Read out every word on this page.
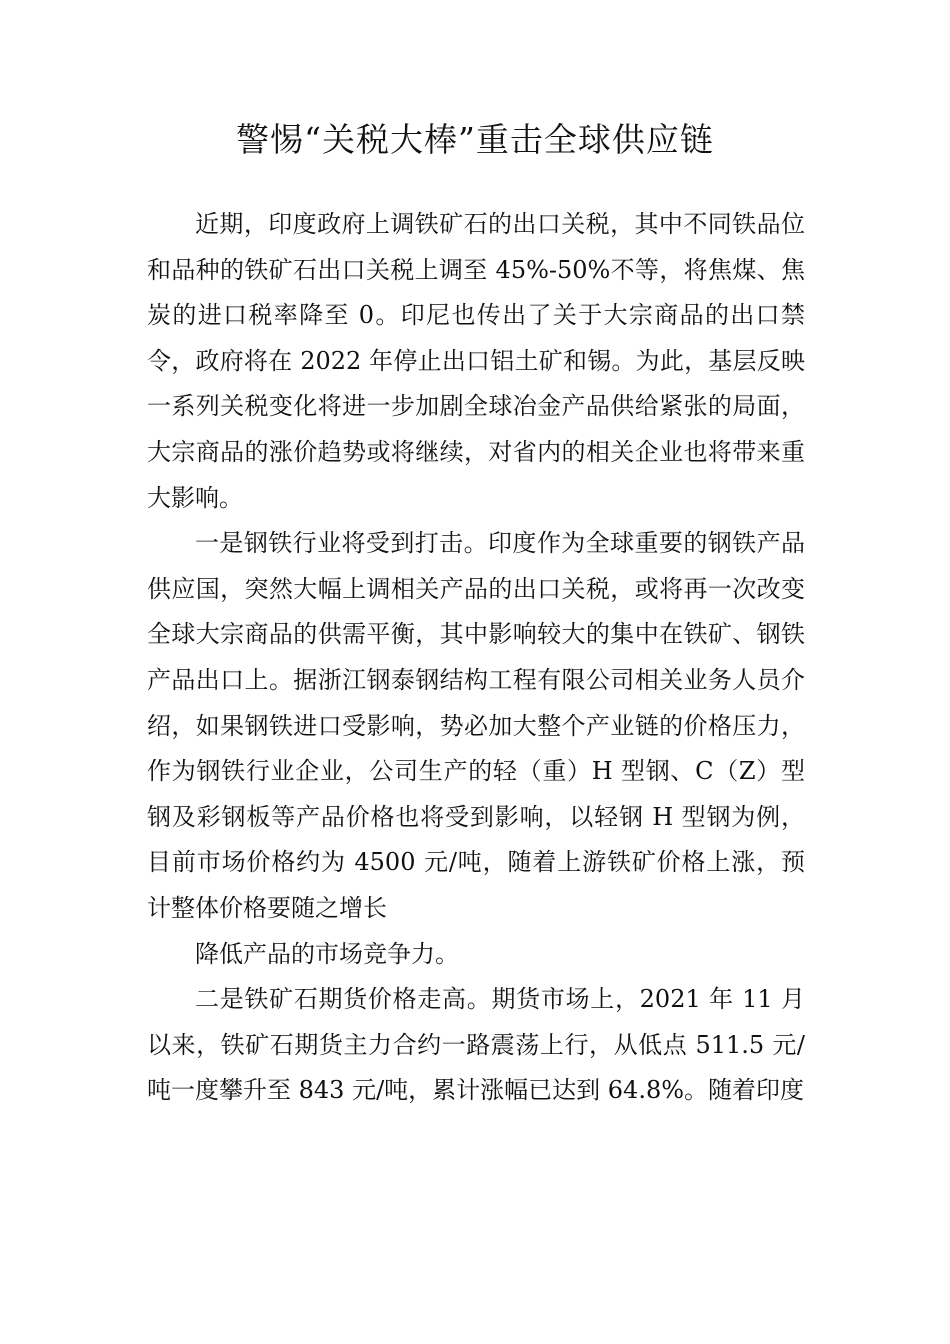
警惕“关税大棒”重击全球供应链

近期，印度政府上调铁矿石的出口关税，其中不同铁品位和品种的铁矿石出口关税上调至 45%-50%不等，将焦煤、焦炭的进口税率降至 0。印尼也传出了关于大宗商品的出口禁令，政府将在 2022 年停止出口铝土矿和锡。为此，基层反映一系列关税变化将进一步加剧全球冶金产品供给紧张的局面，大宗商品的涨价趋势或将继续，对省内的相关企业也将带来重大影响。

一是钢铁行业将受到打击。印度作为全球重要的钢铁产品供应国，突然大幅上调相关产品的出口关税，或将再一次改变全球大宗商品的供需平衡，其中影响较大的集中在铁矿、钢铁产品出口上。据浙江钢泰钢结构工程有限公司相关业务人员介绍，如果钢铁进口受影响，势必加大整个产业链的价格压力，作为钢铁行业企业，公司生产的轻（重）H 型钢、C（Z）型钢及彩钢板等产品价格也将受到影响，以轻钢 H 型钢为例，目前市场价格约为 4500 元/吨，随着上游铁矿价格上涨，预计整体价格要随之增长

降低产品的市场竞争力。

二是铁矿石期货价格走高。期货市场上，2021 年 11 月以来，铁矿石期货主力合约一路震荡上行，从低点 511.5 元/吨一度攀升至 843 元/吨，累计涨幅已达到 64.8%。随着印度
